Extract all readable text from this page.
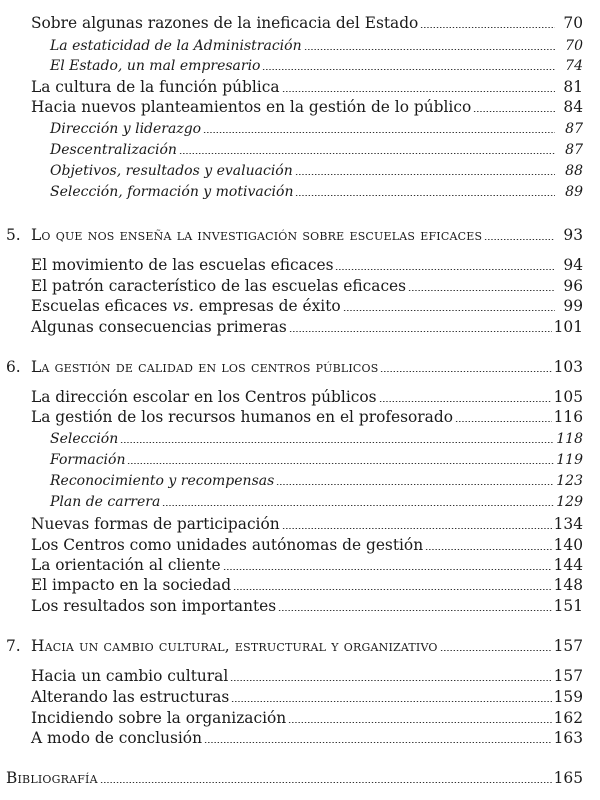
Sobre algunas razones de la ineficacia del Estado	70
La estaticidad de la Administración	70
El Estado, un mal empresario	74
La cultura de la función pública	81
Hacia nuevos planteamientos en la gestión de lo público	84
Dirección y liderazgo	87
Descentralización	87
Objetivos, resultados y evaluación	88
Selección, formación y motivación	89
5. Lo que nos enseña la investigación sobre escuelas eficaces	93
El movimiento de las escuelas eficaces	94
El patrón característico de las escuelas eficaces	96
Escuelas eficaces vs. empresas de éxito	99
Algunas consecuencias primeras	101
6. La gestión de calidad en los centros públicos	103
La dirección escolar en los Centros públicos	105
La gestión de los recursos humanos en el profesorado	116
Selección	118
Formación	119
Reconocimiento y recompensas	123
Plan de carrera	129
Nuevas formas de participación	134
Los Centros como unidades autónomas de gestión	140
La orientación al cliente	144
El impacto en la sociedad	148
Los resultados son importantes	151
7. Hacia un cambio cultural, estructural y organizativo	157
Hacia un cambio cultural	157
Alterando las estructuras	159
Incidiendo sobre la organización	162
A modo de conclusión	163
Bibliografía	165
